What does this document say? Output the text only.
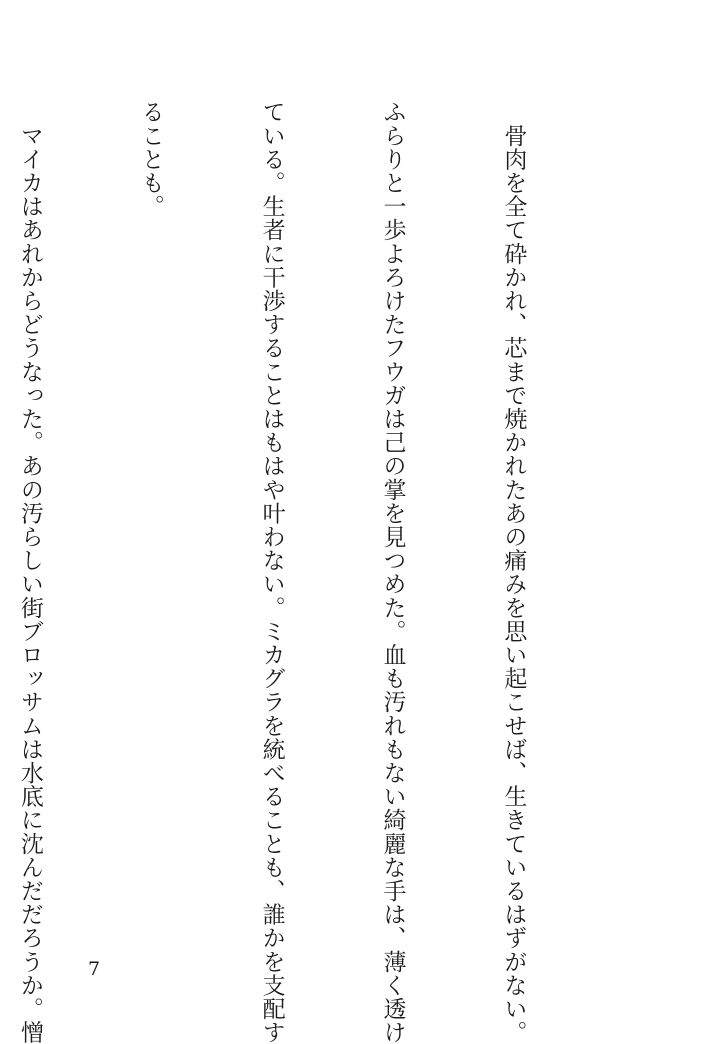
　骨肉を全て砕かれ、芯まで焼かれたあの痛みを思い起こせば、生きているはずがない。

ふらりと一歩よろけたフウガは己の掌を見つめた。血も汚れもない綺麗な手は、薄く透け

ている。生者に干渉することはもはや叶わない。ミカグラを統べることも、誰かを支配す

ることも。

　マイカはあれからどうなった。あの汚らしい街ブロッサムは水底に沈んだだろうか。憎

	7
